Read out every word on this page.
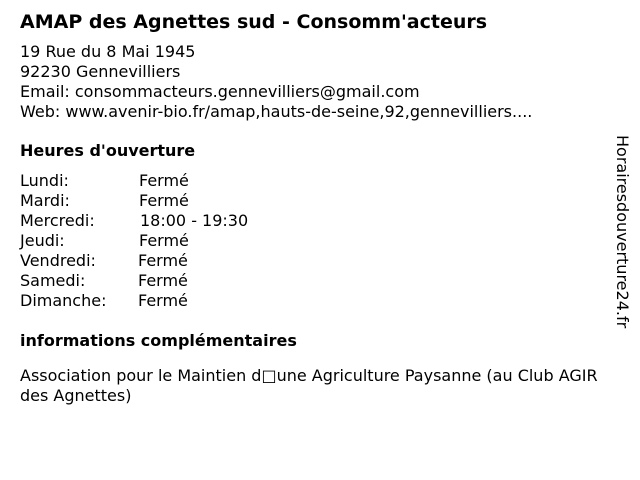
AMAP des Agnettes sud - Consomm'acteurs
19 Rue du 8 Mai 1945
92230 Gennevilliers
Email: consommacteurs.gennevilliers@gmail.com
Web: www.avenir-bio.fr/amap,hauts-de-seine,92,gennevilliers....
Heures d'ouverture
Lundi:	Fermé
Mardi:	Fermé
Mercredi:	18:00 - 19:30
Jeudi:	Fermé
Vendredi:	Fermé
Samedi:	Fermé
Dimanche:	Fermé
informations complémentaires
Association pour le Maintien d□une Agriculture Paysanne (au Club AGIR des Agnettes)
Horairesdouverture24.fr
